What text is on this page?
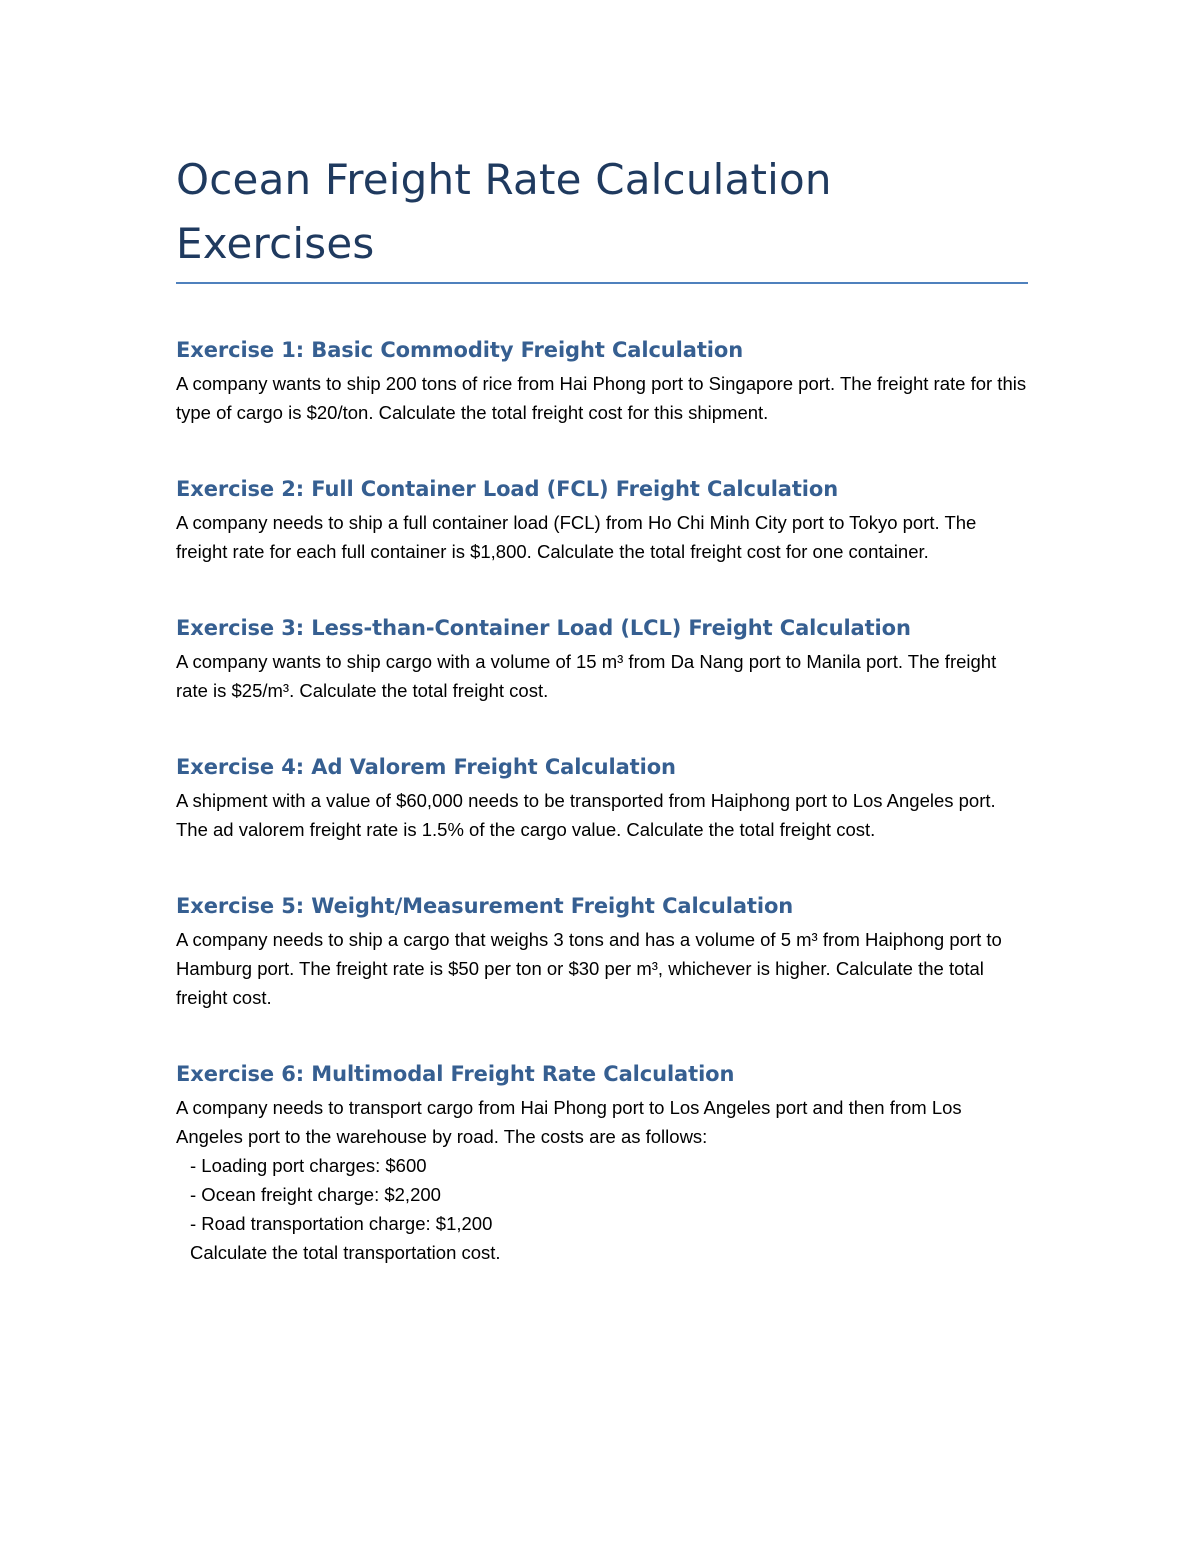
Ocean Freight Rate Calculation
Exercises
Exercise 1: Basic Commodity Freight Calculation

A company wants to ship 200 tons of rice from Hai Phong port to Singapore port. The freight rate for this type of cargo is $20/ton. Calculate the total freight cost for this shipment.

Exercise 2: Full Container Load (FCL) Freight Calculation

A company needs to ship a full container load (FCL) from Ho Chi Minh City port to Tokyo port. The freight rate for each full container is $1,800. Calculate the total freight cost for one container.

Exercise 3: Less-than-Container Load (LCL) Freight Calculation

A company wants to ship cargo with a volume of 15 m³ from Da Nang port to Manila port. The freight rate is $25/m³. Calculate the total freight cost.

Exercise 4: Ad Valorem Freight Calculation

A shipment with a value of $60,000 needs to be transported from Haiphong port to Los Angeles port. The ad valorem freight rate is 1.5% of the cargo value. Calculate the total freight cost.

Exercise 5: Weight/Measurement Freight Calculation

A company needs to ship a cargo that weighs 3 tons and has a volume of 5 m³ from Haiphong port to Hamburg port. The freight rate is $50 per ton or $30 per m³, whichever is higher. Calculate the total freight cost.

Exercise 6: Multimodal Freight Rate Calculation

A company needs to transport cargo from Hai Phong port to Los Angeles port and then from Los Angeles port to the warehouse by road. The costs are as follows:

- Loading port charges: $600
- Ocean freight charge: $2,200
- Road transportation charge: $1,200

Calculate the total transportation cost.
